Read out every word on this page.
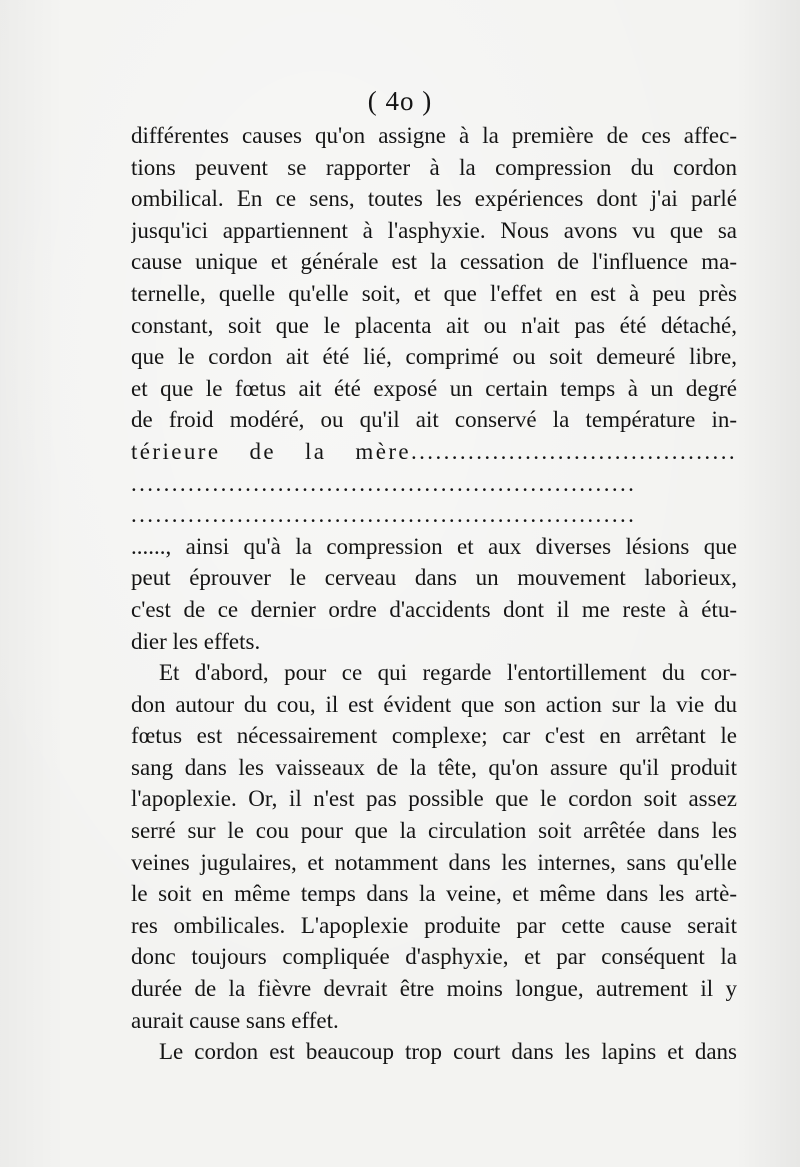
( 4o )
différentes causes qu'on assigne à la première de ces affec-
tions peuvent se rapporter à la compression du cordon
ombilical. En ce sens, toutes les expériences dont j'ai parlé
jusqu'ici appartiennent à l'asphyxie. Nous avons vu que sa
cause unique et générale est la cessation de l'influence ma-
ternelle, quelle qu'elle soit, et que l'effet en est à peu près
constant, soit que le placenta ait ou n'ait pas été détaché,
que le cordon ait été lié, comprimé ou soit demeuré libre,
et que le fœtus ait été exposé un certain temps à un degré
de froid modéré, ou qu'il ait conservé la température in-
térieure de la mère........................................
..............................................................
..............................................................
......, ainsi qu'à la compression et aux diverses lésions que
peut éprouver le cerveau dans un mouvement laborieux,
c'est de ce dernier ordre d'accidents dont il me reste à étu-
dier les effets.
Et d'abord, pour ce qui regarde l'entortillement du cor-
don autour du cou, il est évident que son action sur la vie du
fœtus est nécessairement complexe; car c'est en arrêtant le
sang dans les vaisseaux de la tête, qu'on assure qu'il produit
l'apoplexie. Or, il n'est pas possible que le cordon soit assez
serré sur le cou pour que la circulation soit arrêtée dans les
veines jugulaires, et notamment dans les internes, sans qu'elle
le soit en même temps dans la veine, et même dans les artè-
res ombilicales. L'apoplexie produite par cette cause serait
donc toujours compliquée d'asphyxie, et par conséquent la
durée de la fièvre devrait être moins longue, autrement il y
aurait cause sans effet.
Le cordon est beaucoup trop court dans les lapins et dans
